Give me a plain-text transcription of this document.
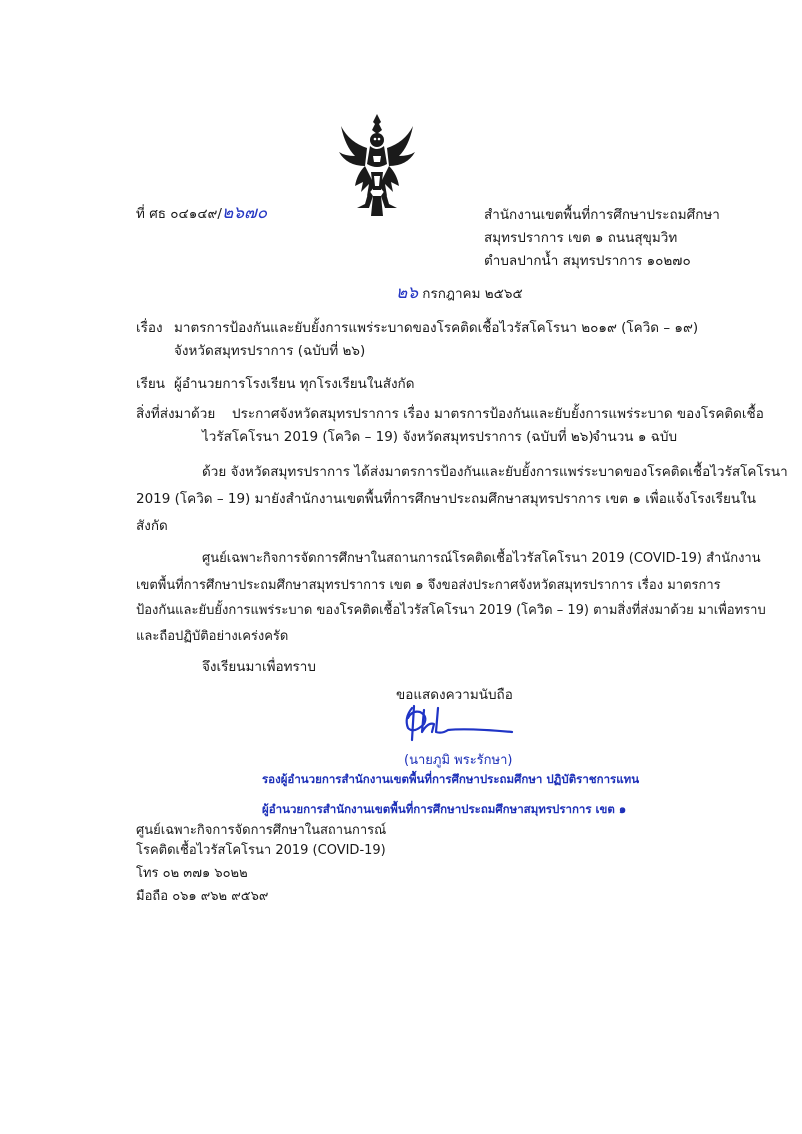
ที่ ศธ ๐๔๑๔๙/๒๖๗๐	สำนักงานเขตพื้นที่การศึกษาประถมศึกษา
สมุทรปราการ เขต ๑ ถนนสุขุมวิท
ตำบลปากน้ำ สมุทรปราการ ๑๐๒๗๐
๒๖ กรกฎาคม ๒๕๖๕
เรื่อง มาตรการป้องกันและยับยั้งการแพร่ระบาดของโรคติดเชื้อไวรัสโคโรนา ๒๐๑๙ (โควิด – ๑๙)
จังหวัดสมุทรปราการ (ฉบับที่ ๒๖)
เรียน ผู้อำนวยการโรงเรียน ทุกโรงเรียนในสังกัด
สิ่งที่ส่งมาด้วย ประกาศจังหวัดสมุทรปราการ เรื่อง มาตรการป้องกันและยับยั้งการแพร่ระบาด ของโรคติดเชื้อ
ไวรัสโคโรนา 2019 (โควิด – 19) จังหวัดสมุทรปราการ (ฉบับที่ ๒๖)
จำนวน ๑ ฉบับ
ด้วย จังหวัดสมุทรปราการ ได้ส่งมาตรการป้องกันและยับยั้งการแพร่ระบาดของโรคติดเชื้อไวรัสโคโรนา
2019 (โควิด – 19) มายังสำนักงานเขตพื้นที่การศึกษาประถมศึกษาสมุทรปราการ เขต ๑ เพื่อแจ้งโรงเรียนใน
สังกัด
ศูนย์เฉพาะกิจการจัดการศึกษาในสถานการณ์โรคติดเชื้อไวรัสโคโรนา 2019 (COVID-19) สำนักงาน
เขตพื้นที่การศึกษาประถมศึกษาสมุทรปราการ เขต ๑ จึงขอส่งประกาศจังหวัดสมุทรปราการ เรื่อง มาตรการ
ป้องกันและยับยั้งการแพร่ระบาด ของโรคติดเชื้อไวรัสโคโรนา 2019 (โควิด – 19) ตามสิ่งที่ส่งมาด้วย มาเพื่อทราบ
และถือปฏิบัติอย่างเคร่งครัด
จึงเรียนมาเพื่อทราบ
ขอแสดงความนับถือ
(นายภูมิ พระรักษา)
รองผู้อำนวยการสำนักงานเขตพื้นที่การศึกษาประถมศึกษา ปฏิบัติราชการแทน
ผู้อำนวยการสำนักงานเขตพื้นที่การศึกษาประถมศึกษาสมุทรปราการ เขต ๑
ศูนย์เฉพาะกิจการจัดการศึกษาในสถานการณ์
โรคติดเชื้อไวรัสโคโรนา 2019 (COVID-19)
โทร ๐๒ ๓๗๑ ๖๐๒๒
มือถือ ๐๖๑ ๙๖๒ ๙๕๖๙
